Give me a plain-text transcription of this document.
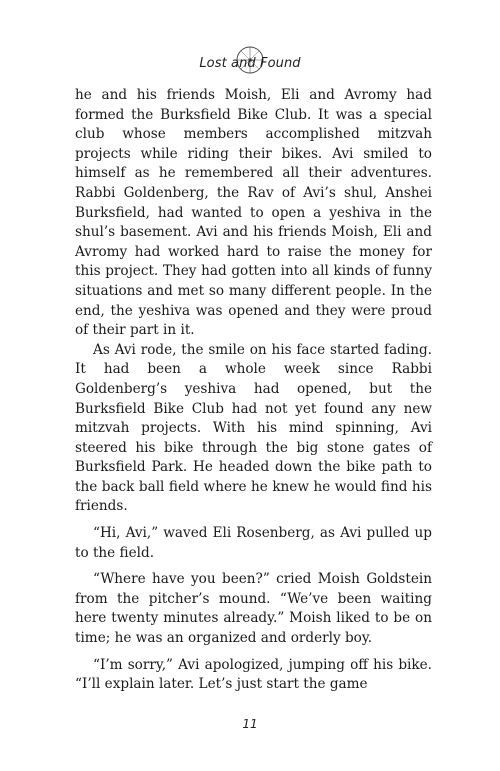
Lost and Found

he and his friends Moish, Eli and Avromy had formed the Burksfield Bike Club. It was a special club whose members accomplished mitzvah projects while riding their bikes. Avi smiled to himself as he remembered all their adventures. Rabbi Goldenberg, the Rav of Avi’s shul, Anshei Burksfield, had wanted to open a yeshiva in the shul’s basement. Avi and his friends Moish, Eli and Avromy had worked hard to raise the money for this project. They had gotten into all kinds of funny situations and met so many different people. In the end, the yeshiva was opened and they were proud of their part in it.

As Avi rode, the smile on his face started fading. It had been a whole week since Rabbi Goldenberg’s yeshiva had opened, but the Burksfield Bike Club had not yet found any new mitzvah projects. With his mind spinning, Avi steered his bike through the big stone gates of Burksfield Park. He headed down the bike path to the back ball field where he knew he would find his friends.

“Hi, Avi,” waved Eli Rosenberg, as Avi pulled up to the field.

“Where have you been?” cried Moish Goldstein from the pitcher’s mound. “We’ve been waiting here twenty minutes already.” Moish liked to be on time; he was an organized and orderly boy.

“I’m sorry,” Avi apologized, jumping off his bike. “I’ll explain later. Let’s just start the game

11
